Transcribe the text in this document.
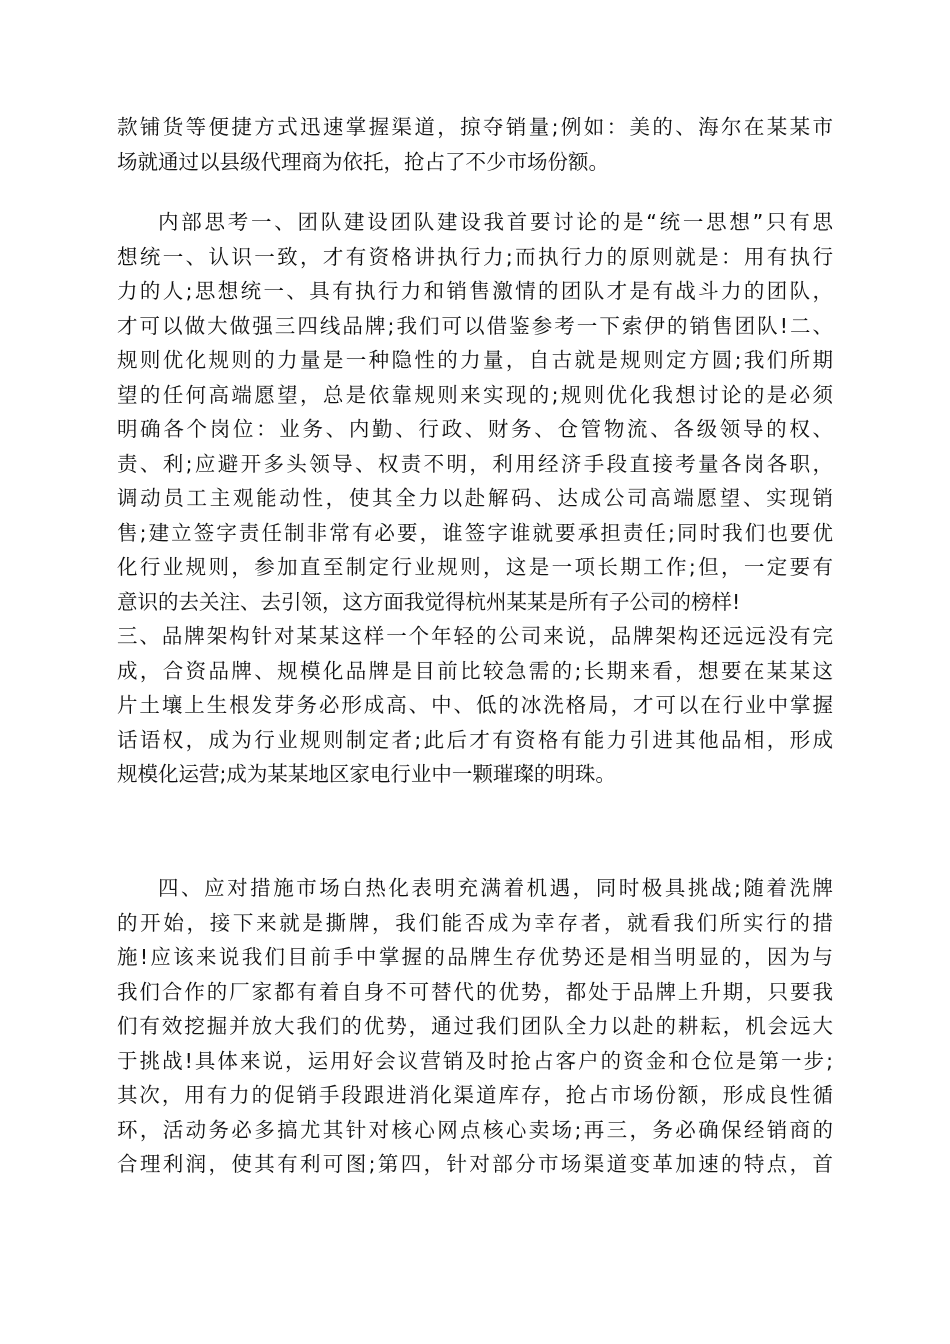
款铺货等便捷方式迅速掌握渠道，掠夺销量;例如：美的、海尔在某某市
场就通过以县级代理商为依托，抢占了不少市场份额。
内部思考一、团队建设团队建设我首要讨论的是“统一思想”只有思
想统一、认识一致，才有资格讲执行力;而执行力的原则就是：用有执行
力的人;思想统一、具有执行力和销售激情的团队才是有战斗力的团队，
才可以做大做强三四线品牌;我们可以借鉴参考一下索伊的销售团队!二、
规则优化规则的力量是一种隐性的力量，自古就是规则定方圆;我们所期
望的任何高端愿望，总是依靠规则来实现的;规则优化我想讨论的是必须
明确各个岗位：业务、内勤、行政、财务、仓管物流、各级领导的权、
责、利;应避开多头领导、权责不明，利用经济手段直接考量各岗各职，
调动员工主观能动性，使其全力以赴解码、达成公司高端愿望、实现销
售;建立签字责任制非常有必要，谁签字谁就要承担责任;同时我们也要优
化行业规则，参加直至制定行业规则，这是一项长期工作;但，一定要有
意识的去关注、去引领，这方面我觉得杭州某某是所有子公司的榜样!
三、品牌架构针对某某这样一个年轻的公司来说，品牌架构还远远没有完
成，合资品牌、规模化品牌是目前比较急需的;长期来看，想要在某某这
片土壤上生根发芽务必形成高、中、低的冰洗格局，才可以在行业中掌握
话语权，成为行业规则制定者;此后才有资格有能力引进其他品相，形成
规模化运营;成为某某地区家电行业中一颗璀璨的明珠。
四、应对措施市场白热化表明充满着机遇，同时极具挑战;随着洗牌
的开始，接下来就是撕牌，我们能否成为幸存者，就看我们所实行的措
施!应该来说我们目前手中掌握的品牌生存优势还是相当明显的，因为与
我们合作的厂家都有着自身不可替代的优势，都处于品牌上升期，只要我
们有效挖掘并放大我们的优势，通过我们团队全力以赴的耕耘，机会远大
于挑战!具体来说，运用好会议营销及时抢占客户的资金和仓位是第一步;
其次，用有力的促销手段跟进消化渠道库存，抢占市场份额，形成良性循
环，活动务必多搞尤其针对核心网点核心卖场;再三，务必确保经销商的
合理利润，使其有利可图;第四，针对部分市场渠道变革加速的特点，首
